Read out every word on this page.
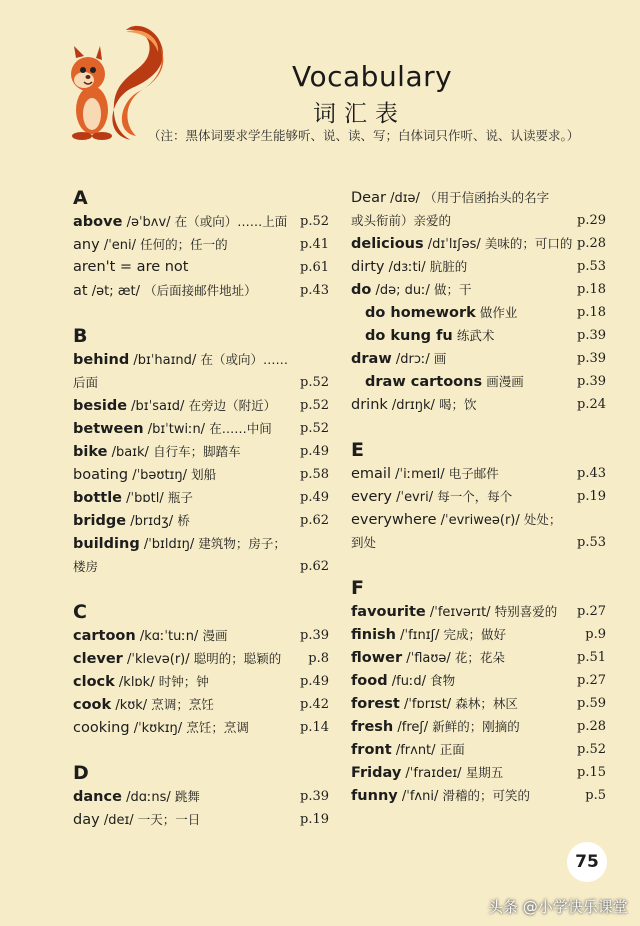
Vocabulary
词汇表
（注：黑体词要求学生能够听、说、读、写；白体词只作听、说、认读要求。）
A
above /əˈbʌv/ 在（或向）……上面 p.52
any /ˈeni/ 任何的；任一的	p.41
aren't = are not	p.61
at /ət; æt/ （后面接邮件地址）	p.43
B
behind /bɪˈhaɪnd/ 在（或向）……
后面	p.52
beside /bɪˈsaɪd/ 在旁边（附近） p.52
between /bɪˈtwiːn/ 在……中间 p.52
bike /baɪk/ 自行车；脚踏车	p.49
boating /ˈbəʊtɪŋ/ 划船	p.58
bottle /ˈbɒtl/ 瓶子	p.49
bridge /brɪdʒ/ 桥	p.62
building /ˈbɪldɪŋ/ 建筑物；房子；
楼房	p.62
C
cartoon /kɑːˈtuːn/ 漫画	p.39
clever /ˈklevə(r)/ 聪明的；聪颖的 p.8
clock /klɒk/ 时钟；钟	p.49
cook /kʊk/ 烹调；烹饪	p.42
cooking /ˈkʊkɪŋ/ 烹饪；烹调	p.14
D
dance /dɑːns/ 跳舞	p.39
day /deɪ/ 一天；一日	p.19
Dear /dɪə/ （用于信函抬头的名字
或头衔前）亲爱的	p.29
delicious /dɪˈlɪʃəs/ 美味的；可口的 p.28
dirty /dɜːti/ 肮脏的	p.53
do /də; duː/ 做；干	p.18
do homework 做作业	p.18
do kung fu 练武术	p.39
draw /drɔː/ 画	p.39
draw cartoons 画漫画	p.39
drink /drɪŋk/ 喝；饮	p.24
E
email /ˈiːmeɪl/ 电子邮件	p.43
every /ˈevri/ 每一个，每个	p.19
everywhere /ˈevriweə(r)/ 处处；
到处	p.53
F
favourite /ˈfeɪvərɪt/ 特别喜爱的 p.27
finish /ˈfɪnɪʃ/ 完成；做好	p.9
flower /ˈflaʊə/ 花；花朵	p.51
food /fuːd/ 食物	p.27
forest /ˈfɒrɪst/ 森林；林区	p.59
fresh /freʃ/ 新鲜的；刚摘的	p.28
front /frʌnt/ 正面	p.52
Friday /ˈfraɪdeɪ/ 星期五	p.15
funny /ˈfʌni/ 滑稽的；可笑的	p.5
75
头条 @小学快乐课堂
